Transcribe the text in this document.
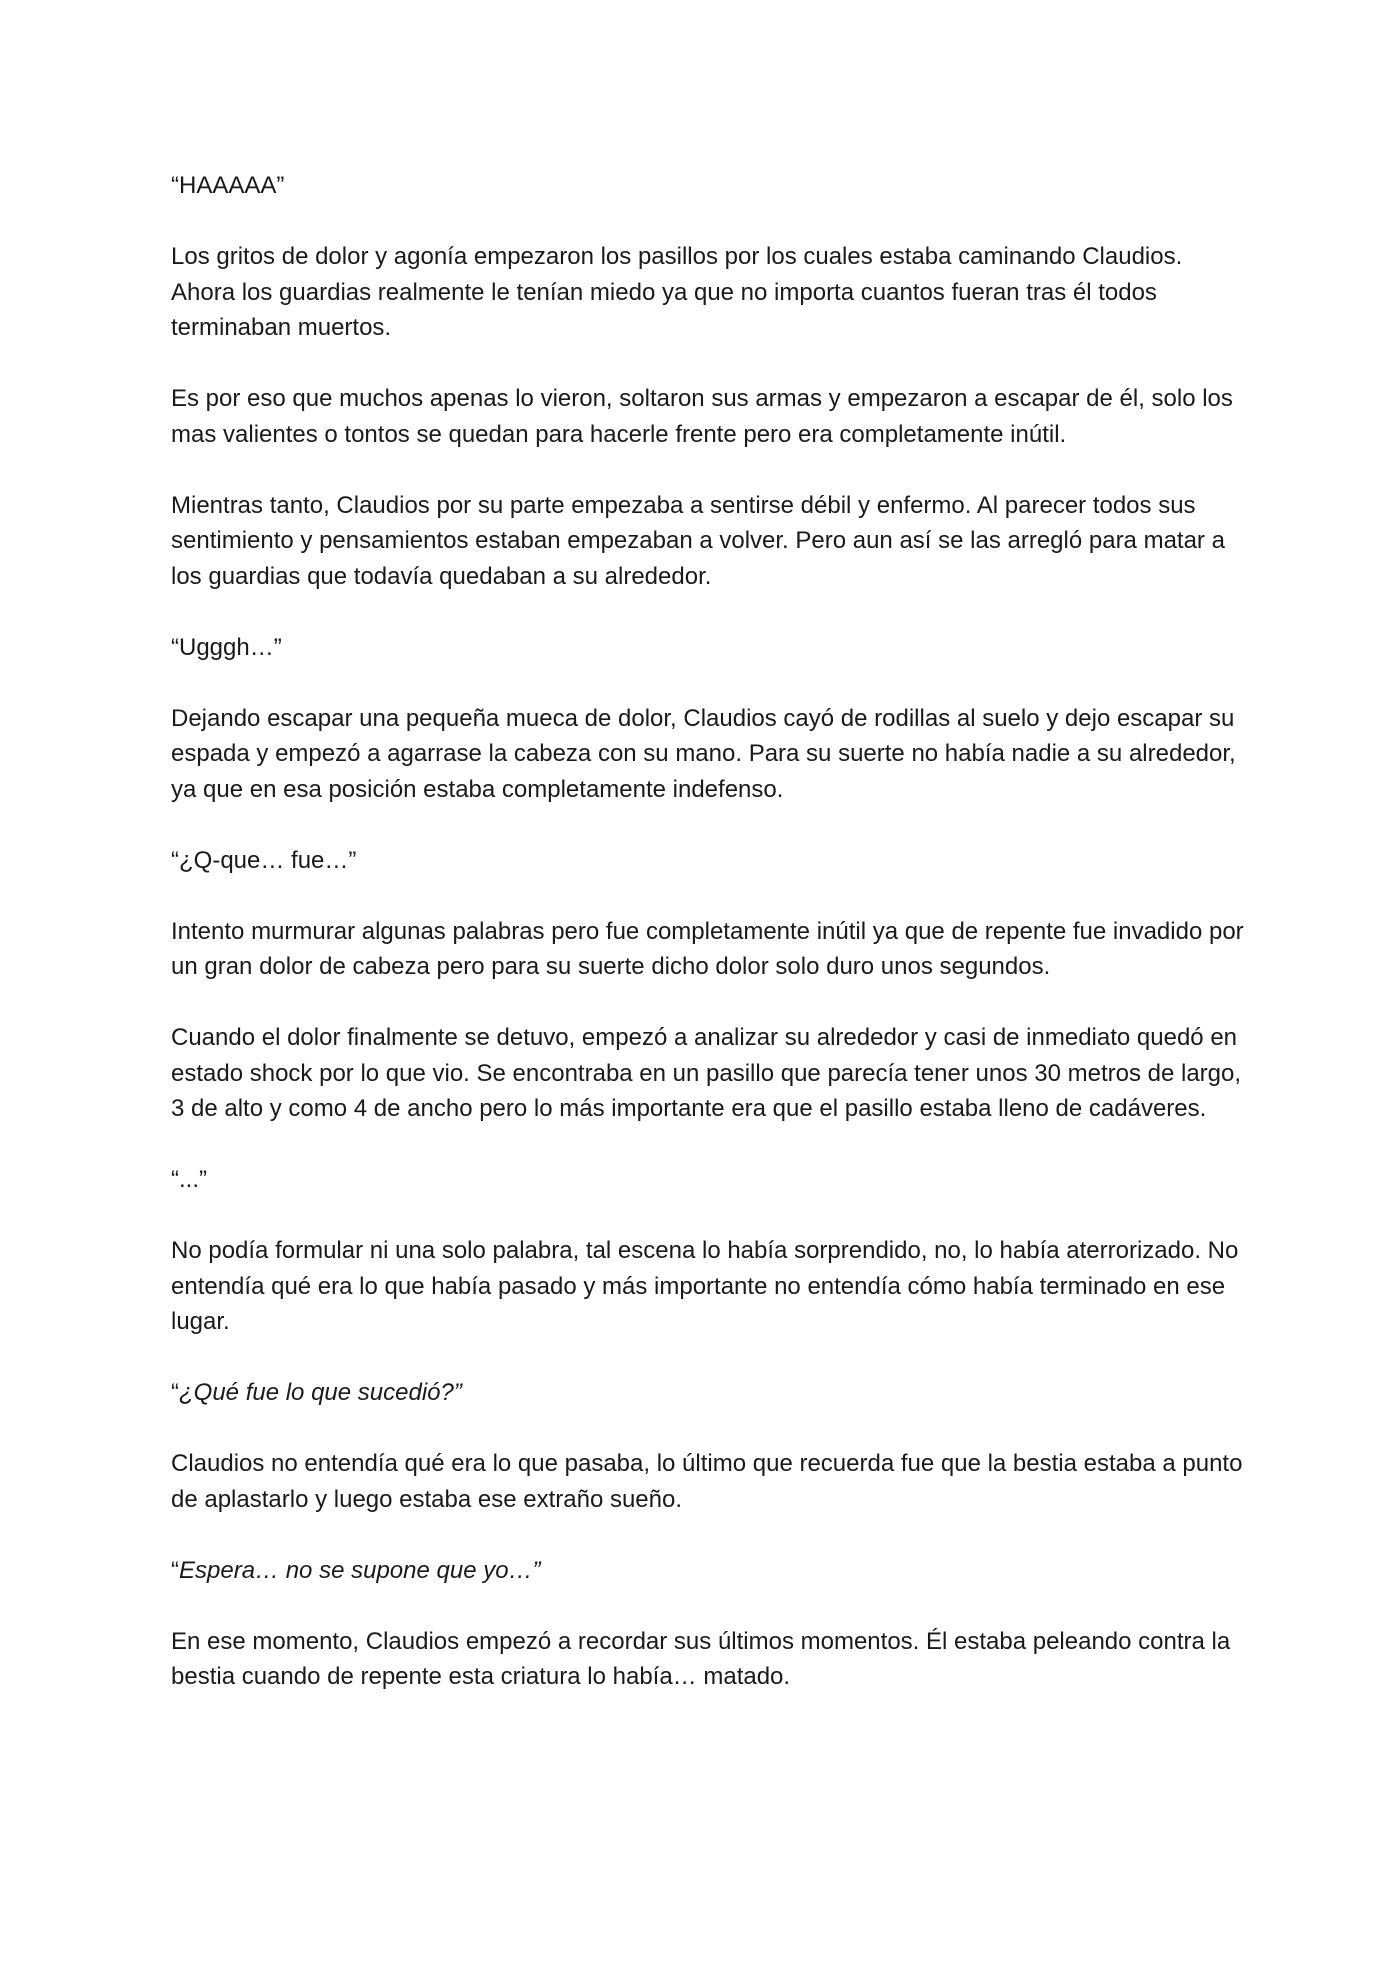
“HAAAAA”

Los gritos de dolor y agonía empezaron los pasillos por los cuales estaba caminando Claudios. Ahora los guardias realmente le tenían miedo ya que no importa cuantos fueran tras él todos terminaban muertos.

Es por eso que muchos apenas lo vieron, soltaron sus armas y empezaron a escapar de él, solo los mas valientes o tontos se quedan para hacerle frente pero era completamente inútil.

Mientras tanto, Claudios por su parte empezaba a sentirse débil y enfermo. Al parecer todos sus sentimiento y pensamientos estaban empezaban a volver. Pero aun así se las arregló para matar a los guardias que todavía quedaban a su alrededor.

“Ugggh…”

Dejando escapar una pequeña mueca de dolor, Claudios cayó de rodillas al suelo y dejo escapar su espada y empezó a agarrase la cabeza con su mano. Para su suerte no había nadie a su alrededor, ya que en esa posición estaba completamente indefenso.

“¿Q-que… fue…”

Intento murmurar algunas palabras pero fue completamente inútil ya que de repente fue invadido por un gran dolor de cabeza pero para su suerte dicho dolor solo duro unos segundos.

Cuando el dolor finalmente se detuvo, empezó a analizar su alrededor y casi de inmediato quedó en estado shock por lo que vio. Se encontraba en un pasillo que parecía tener unos 30 metros de largo, 3 de alto y como 4 de ancho pero lo más importante era que el pasillo estaba lleno de cadáveres.

“...”

No podía formular ni una solo palabra, tal escena lo había sorprendido, no, lo había aterrorizado. No entendía qué era lo que había pasado y más importante no entendía cómo había terminado en ese lugar.

“¿Qué fue lo que sucedió?”

Claudios no entendía qué era lo que pasaba, lo último que recuerda fue que la bestia estaba a punto de aplastarlo y luego estaba ese extraño sueño.

“Espera… no se supone que yo…”

En ese momento, Claudios empezó a recordar sus últimos momentos. Él estaba peleando contra la bestia cuando de repente esta criatura lo había… matado.
